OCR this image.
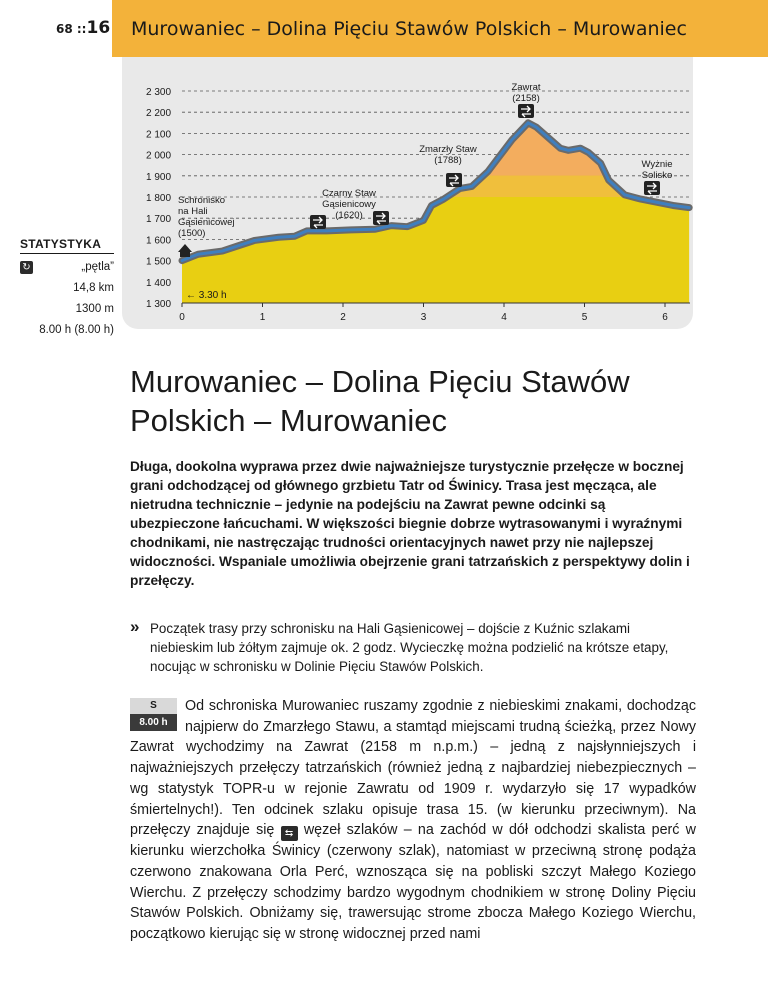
68 ::16 Murowaniec – Dolina Pięciu Stawów Polskich – Murowaniec
1 300
1 400
1 500
1 600
1 700
1 800
1 900
2 000
2 100
2 200
2 300
0	1	2	3	4	5	6
← 3.30 h
Schronisko
na Hali
Gąsienicowej
(1500)
Czarny Staw
Gąsienicowy
(1620)
Zmarzły Staw
(1788)
Zawrat
(2158)
Wyżnie
Solisko
STATYSTYKA
↻	„pętla”
14,8 km
1300 m
8.00 h (8.00 h)
Murowaniec – Dolina Pięciu Stawów Polskich – Murowaniec
Długa, dookolna wyprawa przez dwie najważniejsze turystycznie przełęcze w bocznej grani odchodzącej od głównego grzbietu Tatr od Świnicy. Trasa jest męcząca, ale nietrudna technicznie – jedynie na podejściu na Zawrat pewne odcinki są ubezpieczone łańcuchami. W większości biegnie dobrze wytrasowanymi i wyraźnymi chodnikami, nie nastręczając trudności orientacyjnych nawet przy nie najlepszej widoczności. Wspaniale umożliwia obejrzenie grani tatrzańskich z perspektywy dolin i przełęczy.
» Początek trasy przy schronisku na Hali Gąsienicowej – dojście z Kuźnic szlakami niebieskim lub żółtym zajmuje ok. 2 godz. Wycieczkę można podzielić na krótsze etapy, nocując w schronisku w Dolinie Pięciu Stawów Polskich.
S
8.00 h
Od schroniska Murowaniec ruszamy zgodnie z niebieskimi znakami, dochodząc najpierw do Zmarzłego Stawu, a stamtąd miejscami trudną ścieżką, przez Nowy Zawrat wychodzimy na Zawrat (2158 m n.p.m.) – jedną z najsłynniejszych i najważniejszych przełęczy tatrzańskich (również jedną z najbardziej niebezpiecznych – wg statystyk TOPR-u w rejonie Zawratu od 1909 r. wydarzyło się 17 wypadków śmiertelnych!). Ten odcinek szlaku opisuje trasa 15. (w kierunku przeciwnym). Na przełęczy znajduje się ⇆ węzeł szlaków – na zachód w dół odchodzi skalista perć w kierunku wierzchołka Świnicy (czerwony szlak), natomiast w przeciwną stronę podąża czerwono znakowana Orla Perć, wznosząca się na pobliski szczyt Małego Koziego Wierchu. Z przełęczy schodzimy bardzo wygodnym chodnikiem w stronę Doliny Pięciu Stawów Polskich. Obniżamy się, trawersując strome zbocza Małego Koziego Wierchu, początkowo kierując się w stronę widocznej przed nami
